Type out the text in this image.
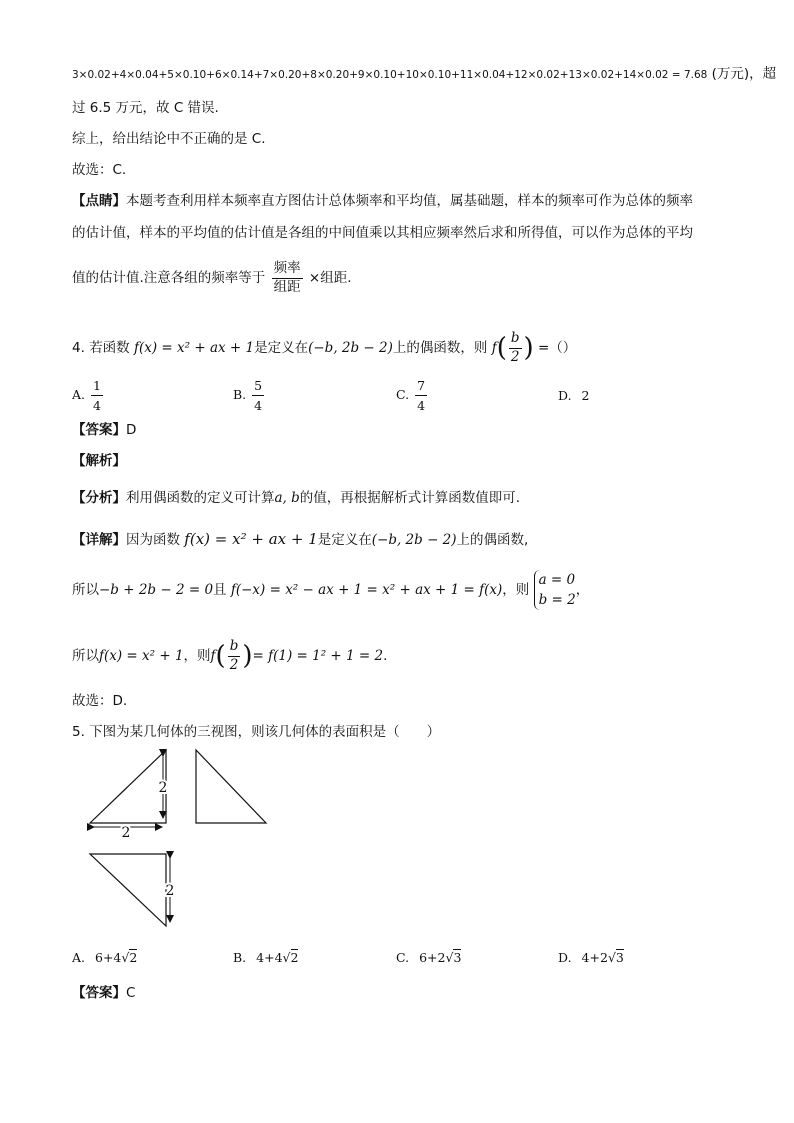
3×0.02+4×0.04+5×0.10+6×0.14+7×0.20+8×0.20+9×0.10+10×0.10+11×0.04+12×0.02+13×0.02+14×0.02 = 7.68 (万元)，超
过 6.5 万元，故 C 错误.
综上，给出结论中不正确的是 C.
故选：C.
【点睛】本题考查利用样本频率直方图估计总体频率和平均值，属基础题，样本的频率可作为总体的频率
的估计值，样本的平均值的估计值是各组的中间值乘以其相应频率然后求和所得值，可以作为总体的平均
值的估计值.注意各组的频率等于 $\frac{\text{频率}}{\text{组距}}$ ×组距.
4. 若函数 f(x) = x² + ax + 1是定义在(−b, 2b − 2)上的偶函数，则 $f( \frac{b}{2}$ ) =（）
A. $\frac{1}{4}$	B. $\frac{5}{4}$	C. $\frac{7}{4}$	D. 2
【答案】D
【解析】
【分析】利用偶函数的定义可计算a, b的值，再根据解析式计算函数值即可.
【详解】因为函数 f(x) = x² + ax + 1是定义在(−b, 2b − 2)上的偶函数,
所以−b + 2b − 2 = 0且 f(−x) = x² − ax + 1 = x² + ax + 1 = f(x)，则
a = 0
b = 2
，
所以f(x) = x² + 1，则$f( \frac{b}{2}$ )= f(1) = 1² + 1 = 2.
故选：D.
5. 下图为某几何体的三视图，则该几何体的表面积是（　　）
2
2
2
A. 6+4√2	B. 4+4√2	C. 6+2√3	D. 4+2√3
【答案】C
